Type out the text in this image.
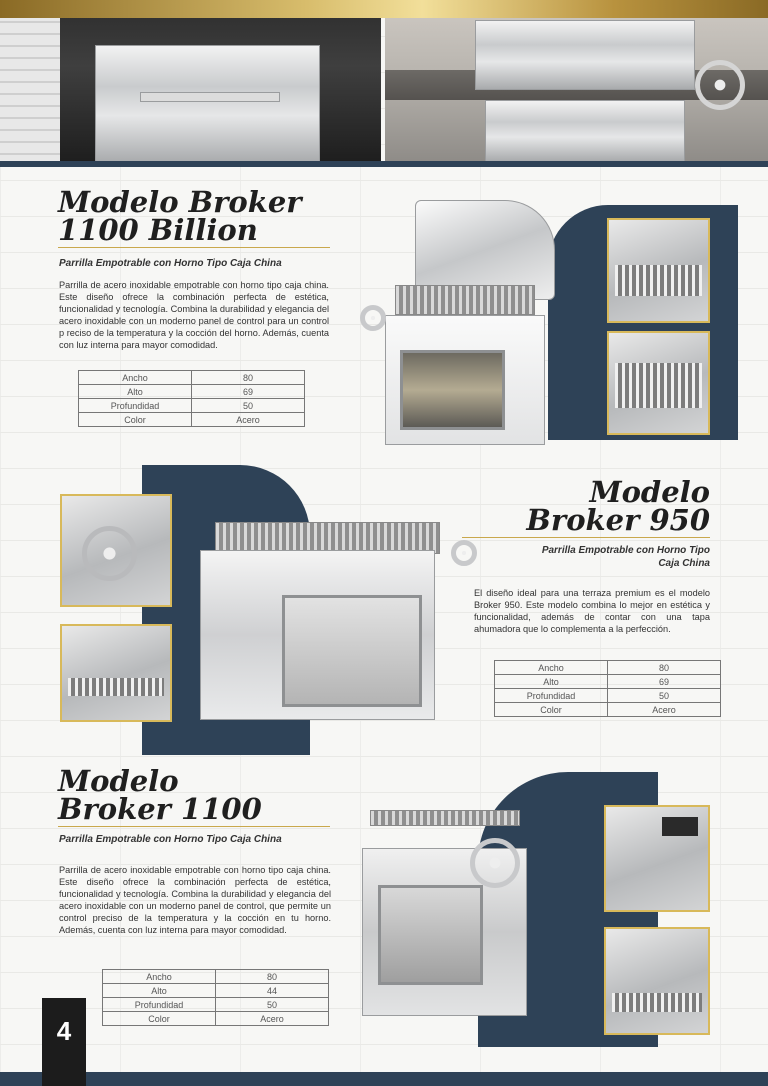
Modelo Broker
1100 Billion
Parrilla Empotrable con Horno Tipo Caja China
Parrilla de acero inoxidable empotrable con horno tipo caja china. Este diseño ofrece la combinación perfecta de estética, funcionalidad y tecnología. Combina la durabilidad y elegancia del acero inoxidable con un moderno panel de control para un control p reciso de la temperatura y la cocción del horno. Además, cuenta con luz interna para mayor comodidad.
Ancho	80
Alto	69
Profundidad	50
Color	Acero
Modelo
Broker 950
Parrilla Empotrable con Horno Tipo
Caja China
El diseño ideal para una terraza premium es el modelo Broker 950. Este modelo combina lo mejor en estética y funcionalidad, además de contar con una tapa ahumadora que lo complementa a la perfección.
Ancho	80
Alto	69
Profundidad	50
Color	Acero
Modelo
Broker 1100
Parrilla Empotrable con Horno Tipo Caja China
Parrilla de acero inoxidable empotrable con horno tipo caja china. Este diseño ofrece la combinación perfecta de estética, funcionalidad y tecnología. Combina la durabilidad y elegancia del acero inoxidable con un moderno panel de control, que permite un control preciso de la temperatura y la cocción en tu horno. Además, cuenta con luz interna para mayor comodidad.
Ancho	80
Alto	44
Profundidad	50
Color	Acero
4
